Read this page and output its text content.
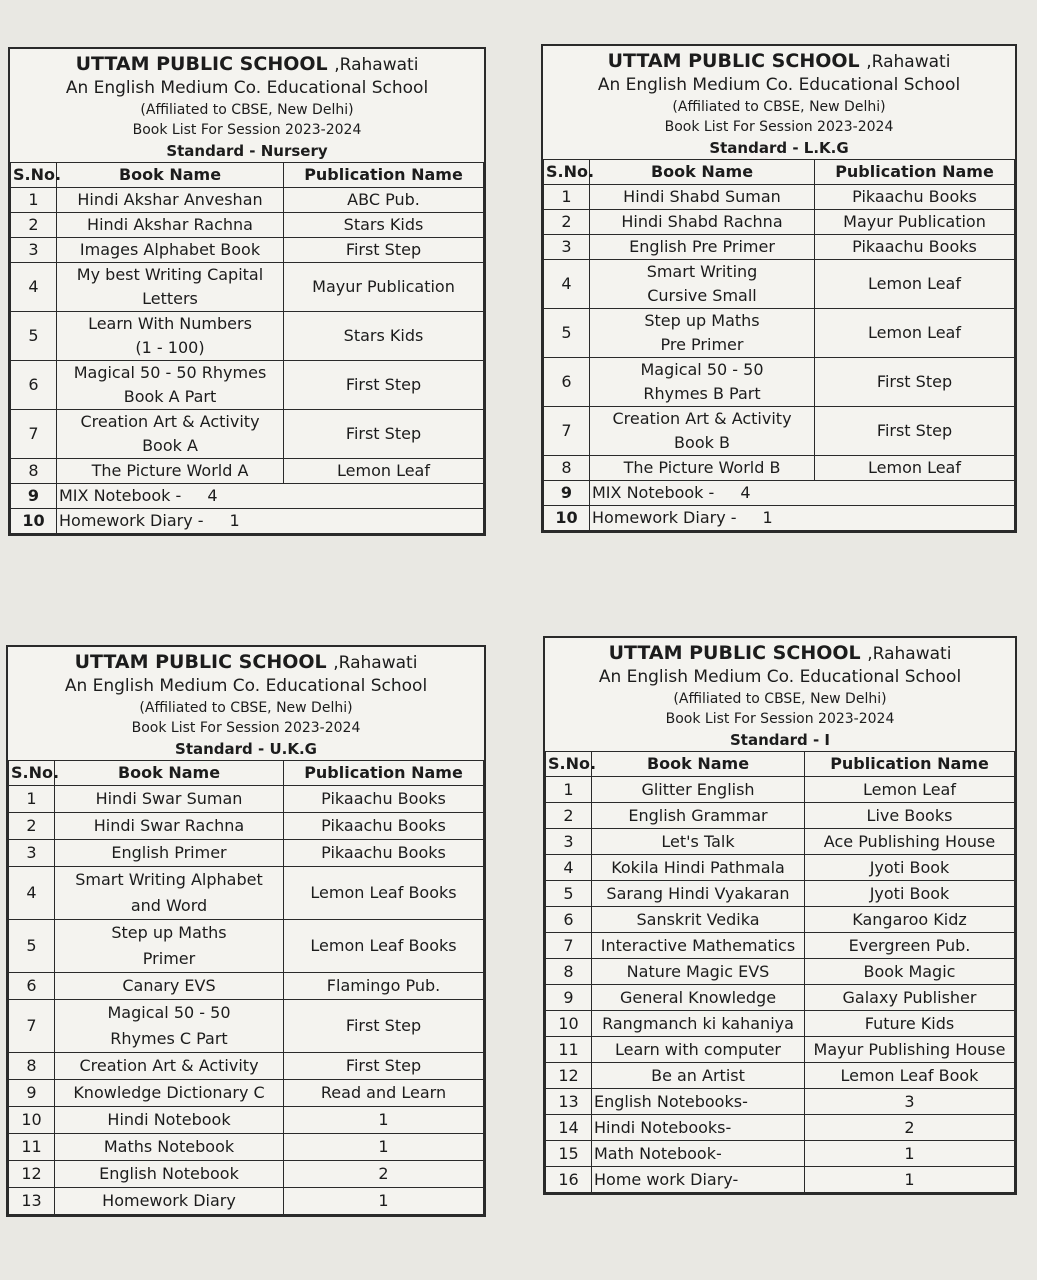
UTTAM PUBLIC SCHOOL ,Rahawati
An English Medium Co. Educational School
(Affiliated to CBSE, New Delhi)
Book List For Session 2023-2024
Standard - Nursery
S.No.	Book Name	Publication Name
1	Hindi Akshar Anveshan	ABC Pub.
2	Hindi Akshar Rachna	Stars Kids
3	Images Alphabet Book	First Step
4	My best Writing Capital
Letters	Mayur Publication
5	Learn With Numbers
(1 - 100)	Stars Kids
6	Magical 50 - 50 Rhymes
Book A Part	First Step
7	Creation Art & Activity
Book A	First Step
8	The Picture World A	Lemon Leaf
9	MIX Notebook - 4	
10	Homework Diary - 1	
UTTAM PUBLIC SCHOOL ,Rahawati
An English Medium Co. Educational School
(Affiliated to CBSE, New Delhi)
Book List For Session 2023-2024
Standard - L.K.G
S.No.	Book Name	Publication Name
1	Hindi Shabd Suman	Pikaachu Books
2	Hindi Shabd Rachna	Mayur Publication
3	English Pre Primer	Pikaachu Books
4	Smart Writing
Cursive Small	Lemon Leaf
5	Step up Maths
Pre Primer	Lemon Leaf
6	Magical 50 - 50
Rhymes B Part	First Step
7	Creation Art & Activity
Book B	First Step
8	The Picture World B	Lemon Leaf
9	MIX Notebook - 4	
10	Homework Diary - 1	
UTTAM PUBLIC SCHOOL ,Rahawati
An English Medium Co. Educational School
(Affiliated to CBSE, New Delhi)
Book List For Session 2023-2024
Standard - U.K.G
S.No.	Book Name	Publication Name
1	Hindi Swar Suman	Pikaachu Books
2	Hindi Swar Rachna	Pikaachu Books
3	English Primer	Pikaachu Books
4	Smart Writing Alphabet
and Word	Lemon Leaf Books
5	Step up Maths
Primer	Lemon Leaf Books
6	Canary EVS	Flamingo Pub.
7	Magical 50 - 50
Rhymes C Part	First Step
8	Creation Art & Activity	First Step
9	Knowledge Dictionary C	Read and Learn
10	Hindi Notebook	1
11	Maths Notebook	1
12	English Notebook	2
13	Homework Diary	1
UTTAM PUBLIC SCHOOL ,Rahawati
An English Medium Co. Educational School
(Affiliated to CBSE, New Delhi)
Book List For Session 2023-2024
Standard - I
S.No.	Book Name	Publication Name
1	Glitter English	Lemon Leaf
2	English Grammar	Live Books
3	Let's Talk	Ace Publishing House
4	Kokila Hindi Pathmala	Jyoti Book
5	Sarang Hindi Vyakaran	Jyoti Book
6	Sanskrit Vedika	Kangaroo Kidz
7	Interactive Mathematics	Evergreen Pub.
8	Nature Magic EVS	Book Magic
9	General Knowledge	Galaxy Publisher
10	Rangmanch ki kahaniya	Future Kids
11	Learn with computer	Mayur Publishing House
12	Be an Artist	Lemon Leaf Book
13	English Notebooks-	3
14	Hindi Notebooks-	2
15	Math Notebook-	1
16	Home work Diary-	1
